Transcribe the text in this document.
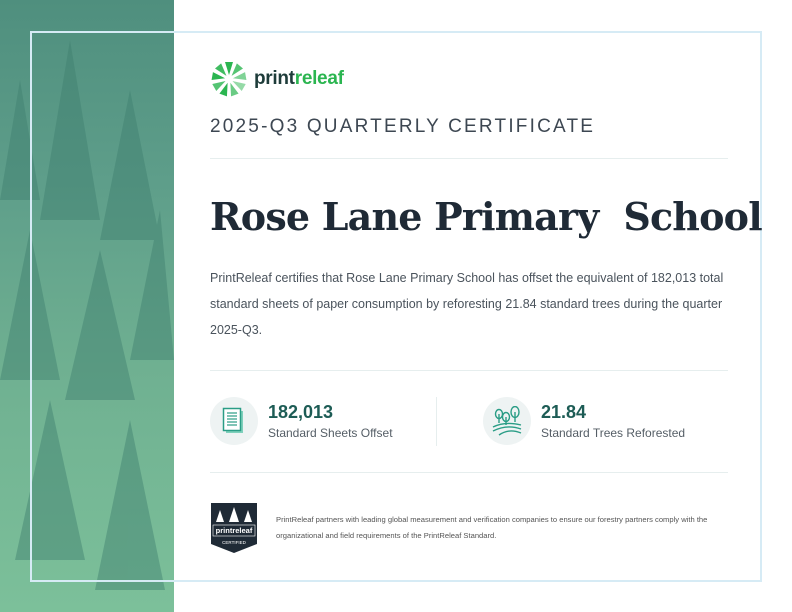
printreleaf
2025-Q3 QUARTERLY CERTIFICATE
Rose Lane Primary  School
PrintReleaf certifies that Rose Lane Primary School has offset the equivalent of 182,013 total standard sheets of paper consumption by reforesting 21.84 standard trees during the quarter 2025-Q3.
182,013
Standard Sheets Offset
21.84
Standard Trees Reforested
printreleaf
CERTIFIED
PrintReleaf partners with leading global measurement and verification companies to ensure our forestry partners comply with the organizational and field requirements of the PrintReleaf Standard.
